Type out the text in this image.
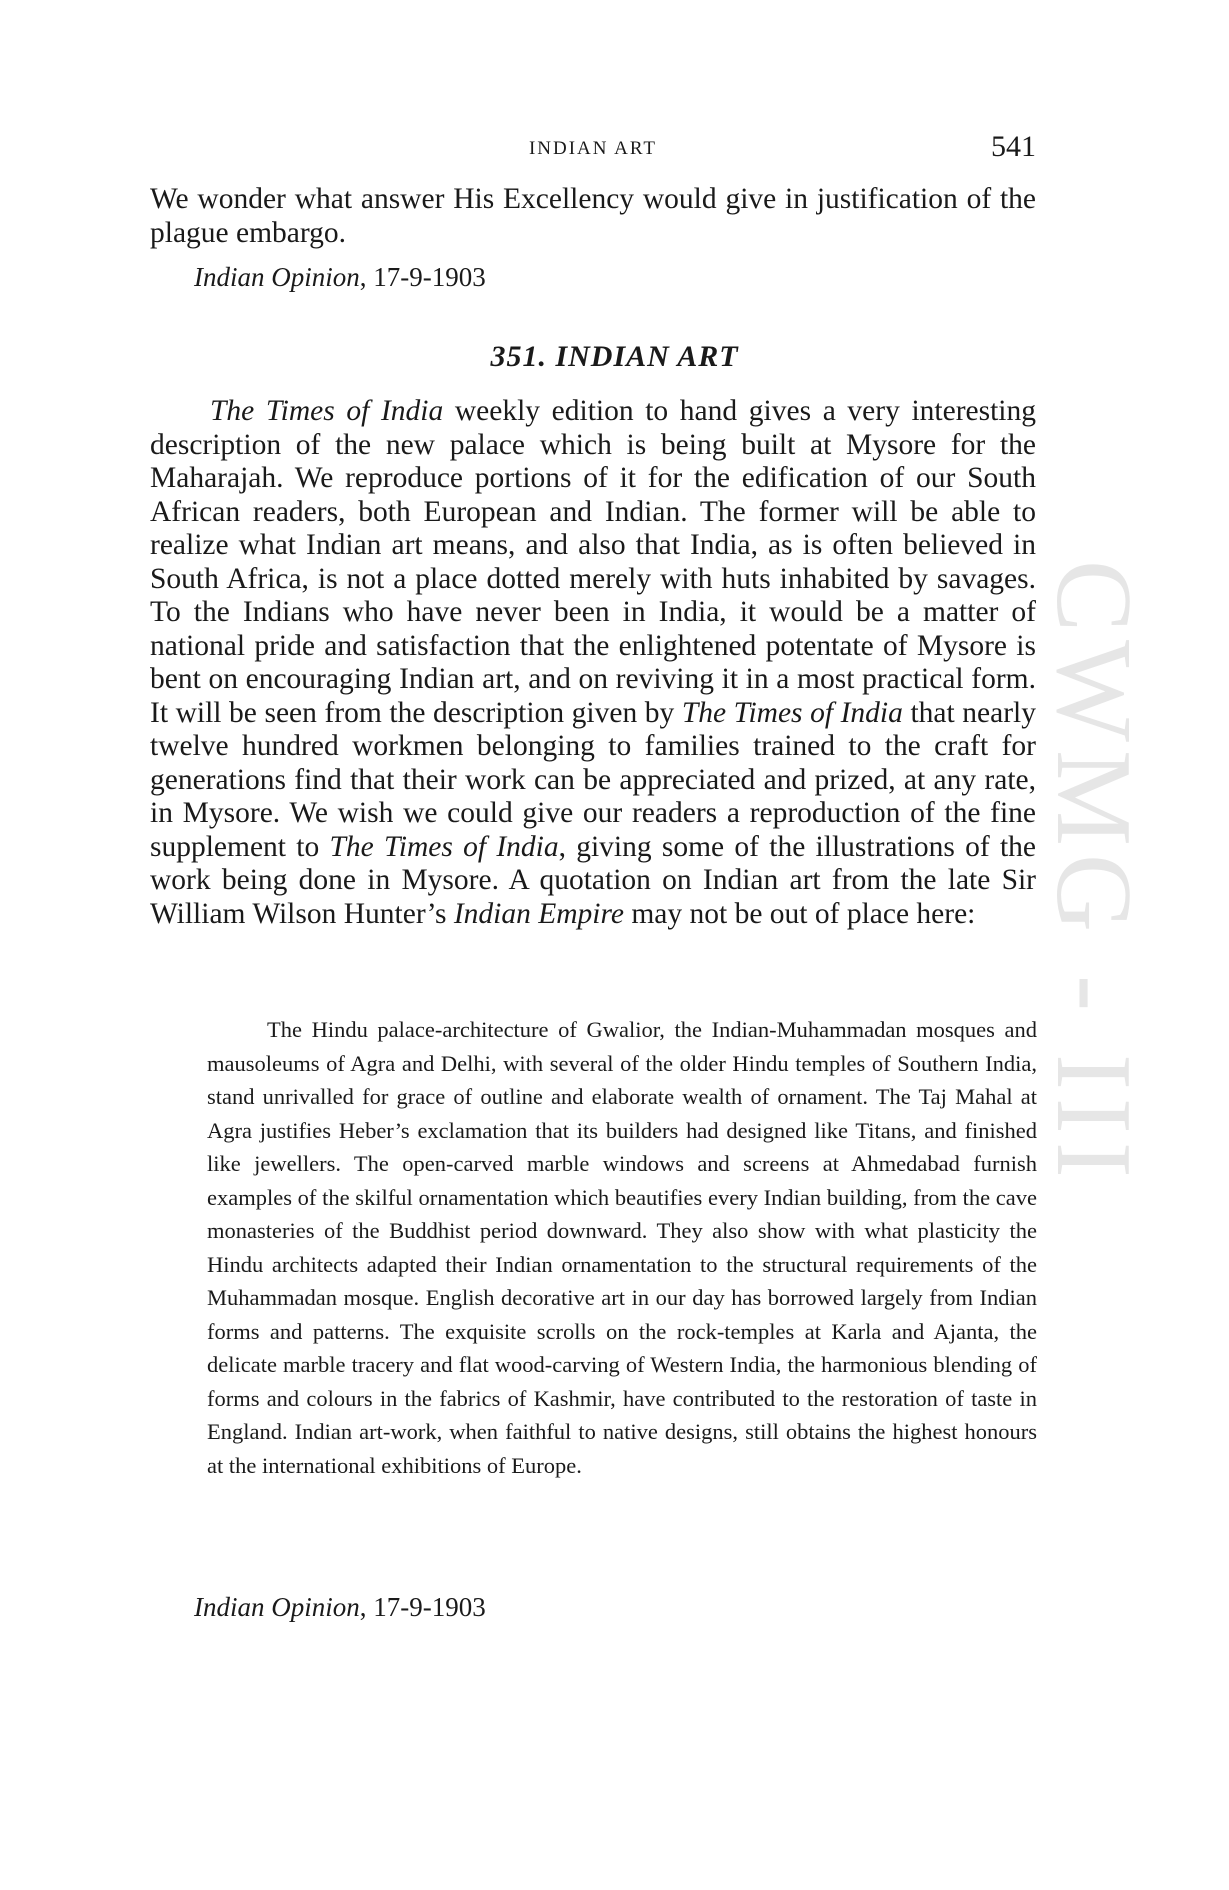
CWMG - III
INDIAN ART	541

We wonder what answer His Excellency would give in justification of the plague embargo.

Indian Opinion, 17-9-1903

351. INDIAN ART

The Times of India weekly edition to hand gives a very interesting description of the new palace which is being built at Mysore for the Maharajah. We reproduce portions of it for the edification of our South African readers, both European and Indian. The former will be able to realize what Indian art means, and also that India, as is often believed in South Africa, is not a place dotted merely with huts inhabited by savages. To the Indians who have never been in India, it would be a matter of national pride and satisfaction that the enlightened potentate of Mysore is bent on encouraging Indian art, and on reviving it in a most practical form. It will be seen from the description given by The Times of India that nearly twelve hundred workmen belonging to families trained to the craft for generations find that their work can be appreciated and prized, at any rate, in Mysore. We wish we could give our readers a reproduction of the fine supplement to The Times of India, giving some of the illustrations of the work being done in Mysore. A quotation on Indian art from the late Sir William Wilson Hunter’s Indian Empire may not be out of place here:

The Hindu palace-architecture of Gwalior, the Indian-Muhammadan mosques and mausoleums of Agra and Delhi, with several of the older Hindu temples of Southern India, stand unrivalled for grace of outline and elaborate wealth of ornament. The Taj Mahal at Agra justifies Heber’s exclamation that its builders had designed like Titans, and finished like jewellers. The open-carved marble windows and screens at Ahmedabad furnish examples of the skilful ornamentation which beautifies every Indian building, from the cave monasteries of the Buddhist period downward. They also show with what plasticity the Hindu architects adapted their Indian ornamentation to the structural requirements of the Muhammadan mosque. English decorative art in our day has borrowed largely from Indian forms and patterns. The exquisite scrolls on the rock-temples at Karla and Ajanta, the delicate marble tracery and flat wood-carving of Western India, the harmonious blending of forms and colours in the fabrics of Kashmir, have contributed to the restoration of taste in England. Indian art-work, when faithful to native designs, still obtains the highest honours at the international exhibitions of Europe.

Indian Opinion, 17-9-1903
